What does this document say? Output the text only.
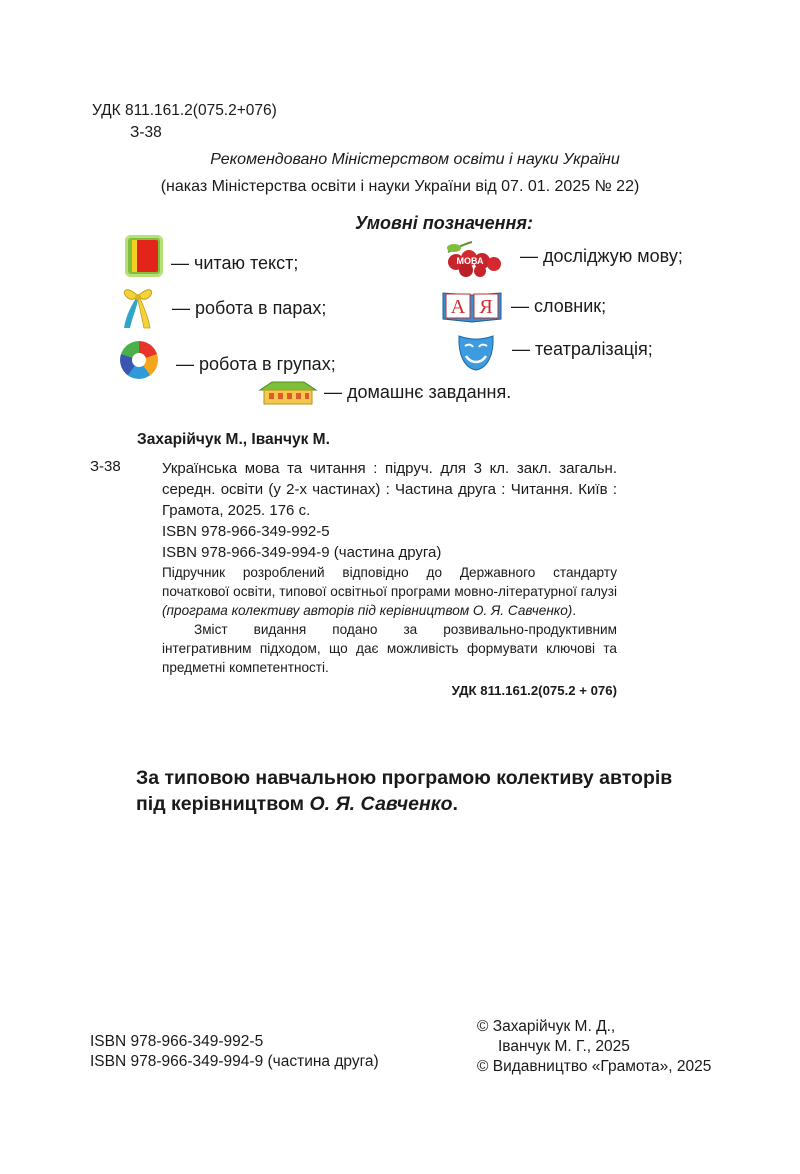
УДК 811.161.2(075.2+076)
З-38
Рекомендовано Міністерством освіти і науки України
(наказ Міністерства освіти і науки України від 07. 01. 2025 № 22)
Умовні позначення:
— читаю текст;
— робота в парах;
— робота в групах;
МОВА — досліджую мову;
А Я — словник;
— театралізація;
— домашнє завдання.
Захарійчук М., Іванчук М.
З-38	Українська мова та читання : підруч. для 3 кл. закл. загальн. середн. освіти (у 2-х частинах) : Частина друга : Читання. Київ : Грамота, 2025. 176 с.

ISBN 978-966-349-992-5

ISBN 978-966-349-994-9 (частина друга)

Підручник розроблений відповідно до Державного стандарту початкової освіти, типової освітньої програми мовно-літературної галузі (програма колективу авторів під керівництвом О. Я. Савченко).

Зміст видання подано за розвивально-продуктивним інтегративним підходом, що дає можливість формувати ключові та предметні компетентності.

УДК 811.161.2(075.2 + 076)

За типовою навчальною програмою колективу авторів під керівництвом О. Я. Савченко.
ISBN 978-966-349-992-5
ISBN 978-966-349-994-9 (частина друга)
© Захарійчук М. Д.,
Іванчук М. Г., 2025
© Видавництво «Грамота», 2025
